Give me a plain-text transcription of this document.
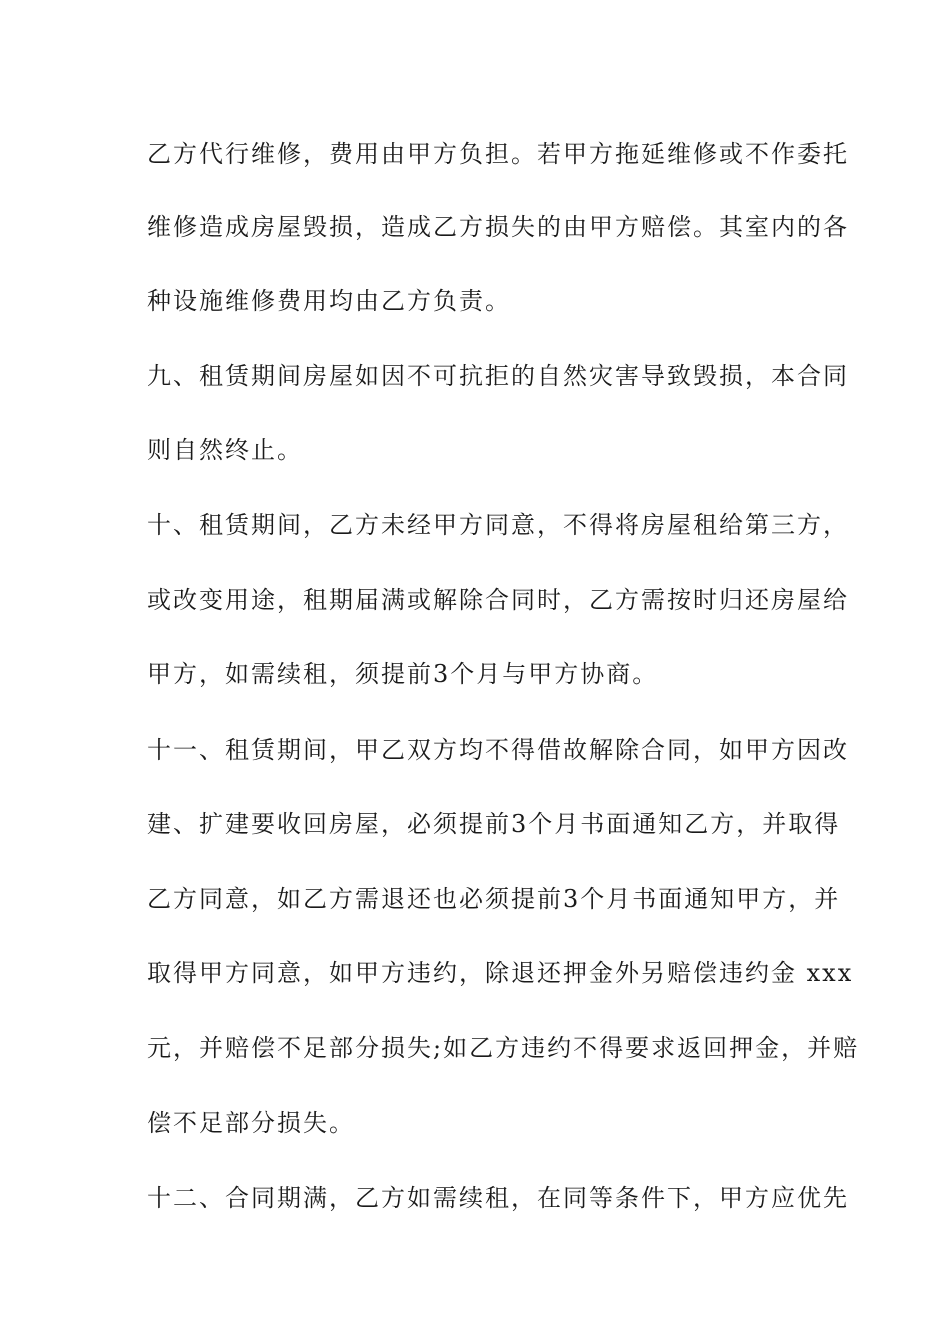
乙方代行维修，费用由甲方负担。若甲方拖延维修或不作委托
维修造成房屋毁损，造成乙方损失的由甲方赔偿。其室内的各
种设施维修费用均由乙方负责。
九、租赁期间房屋如因不可抗拒的自然灾害导致毁损，本合同
则自然终止。
十、租赁期间，乙方未经甲方同意，不得将房屋租给第三方，
或改变用途，租期届满或解除合同时，乙方需按时归还房屋给
甲方，如需续租，须提前3个月与甲方协商。
十一、租赁期间，甲乙双方均不得借故解除合同，如甲方因改
建、扩建要收回房屋，必须提前3个月书面通知乙方，并取得
乙方同意，如乙方需退还也必须提前3个月书面通知甲方，并
取得甲方同意，如甲方违约，除退还押金外另赔偿违约金 xxx
元，并赔偿不足部分损失;如乙方违约不得要求返回押金，并赔
偿不足部分损失。
十二、合同期满，乙方如需续租，在同等条件下，甲方应优先
